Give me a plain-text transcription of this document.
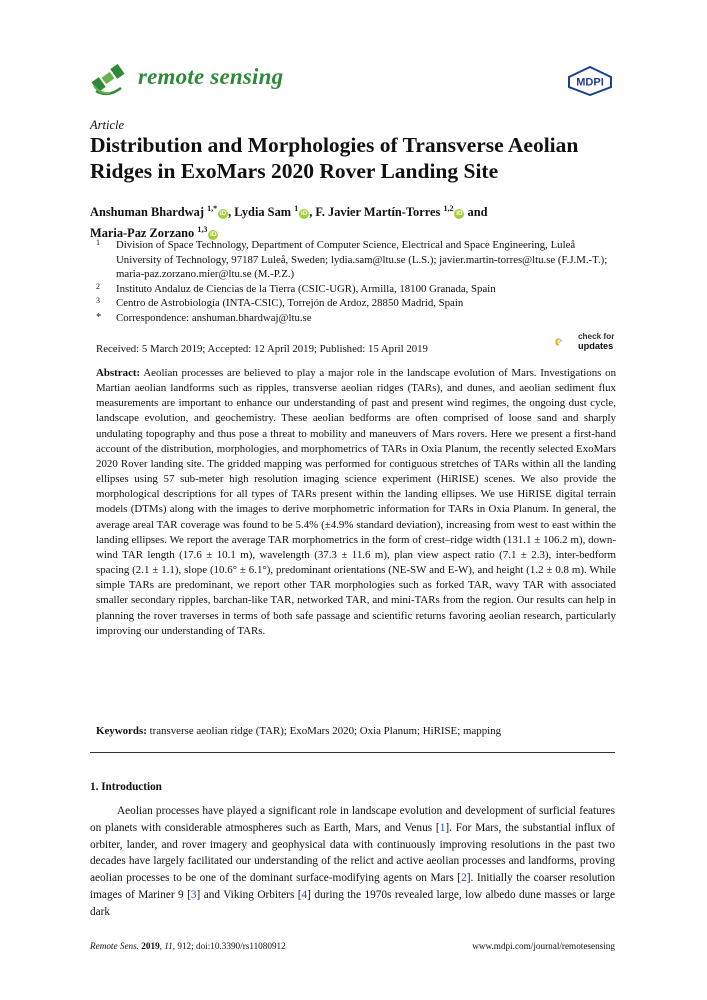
remote sensing	MDPI
Article
Distribution and Morphologies of Transverse Aeolian Ridges in ExoMars 2020 Rover Landing Site
Anshuman Bhardwaj $^{1,*}$iD , Lydia Sam $^1$iD , F. Javier Martín-Torres $^{1,2}$iD and
Maria-Paz Zorzano $^{1,3}$iD
1 Division of Space Technology, Department of Computer Science, Electrical and Space Engineering, Luleå University of Technology, 97187 Luleå, Sweden; lydia.sam@ltu.se (L.S.); javier.martin-torres@ltu.se (F.J.M.-T.); maria-paz.zorzano.mier@ltu.se (M.-P.Z.)
2 Instituto Andaluz de Ciencias de la Tierra (CSIC-UGR), Armilla, 18100 Granada, Spain
3 Centro de Astrobiología (INTA-CSIC), Torrejón de Ardoz, 28850 Madrid, Spain
* Correspondence: anshuman.bhardwaj@ltu.se
check for
updates
Received: 5 March 2019; Accepted: 12 April 2019; Published: 15 April 2019
Abstract: Aeolian processes are believed to play a major role in the landscape evolution of Mars. Investigations on Martian aeolian landforms such as ripples, transverse aeolian ridges (TARs), and dunes, and aeolian sediment flux measurements are important to enhance our understanding of past and present wind regimes, the ongoing dust cycle, landscape evolution, and geochemistry. These aeolian bedforms are often comprised of loose sand and sharply undulating topography and thus pose a threat to mobility and maneuvers of Mars rovers. Here we present a first-hand account of the distribution, morphologies, and morphometrics of TARs in Oxia Planum, the recently selected ExoMars 2020 Rover landing site. The gridded mapping was performed for contiguous stretches of TARs within all the landing ellipses using 57 sub-meter high resolution imaging science experiment (HiRISE) scenes. We also provide the morphological descriptions for all types of TARs present within the landing ellipses. We use HiRISE digital terrain models (DTMs) along with the images to derive morphometric information for TARs in Oxia Planum. In general, the average areal TAR coverage was found to be 5.4% (±4.9% standard deviation), increasing from west to east within the landing ellipses. We report the average TAR morphometrics in the form of crest–ridge width (131.1 ± 106.2 m), down-wind TAR length (17.6 ± 10.1 m), wavelength (37.3 ± 11.6 m), plan view aspect ratio (7.1 ± 2.3), inter-bedform spacing (2.1 ± 1.1), slope (10.6° ± 6.1°), predominant orientations (NE-SW and E-W), and height (1.2 ± 0.8 m). While simple TARs are predominant, we report other TAR morphologies such as forked TAR, wavy TAR with associated smaller secondary ripples, barchan-like TAR, networked TAR, and mini-TARs from the region. Our results can help in planning the rover traverses in terms of both safe passage and scientific returns favoring aeolian research, particularly improving our understanding of TARs.
Keywords: transverse aeolian ridge (TAR); ExoMars 2020; Oxia Planum; HiRISE; mapping
1. Introduction
Aeolian processes have played a significant role in landscape evolution and development of surficial features on planets with considerable atmospheres such as Earth, Mars, and Venus [1]. For Mars, the substantial influx of orbiter, lander, and rover imagery and geophysical data with continuously improving resolutions in the past two decades have largely facilitated our understanding of the relict and active aeolian processes and landforms, proving aeolian processes to be one of the dominant surface-modifying agents on Mars [2]. Initially the coarser resolution images of Mariner 9 [3] and Viking Orbiters [4] during the 1970s revealed large, low albedo dune masses or large dark
Remote Sens. 2019, 11, 912; doi:10.3390/rs11080912	www.mdpi.com/journal/remotesensing
